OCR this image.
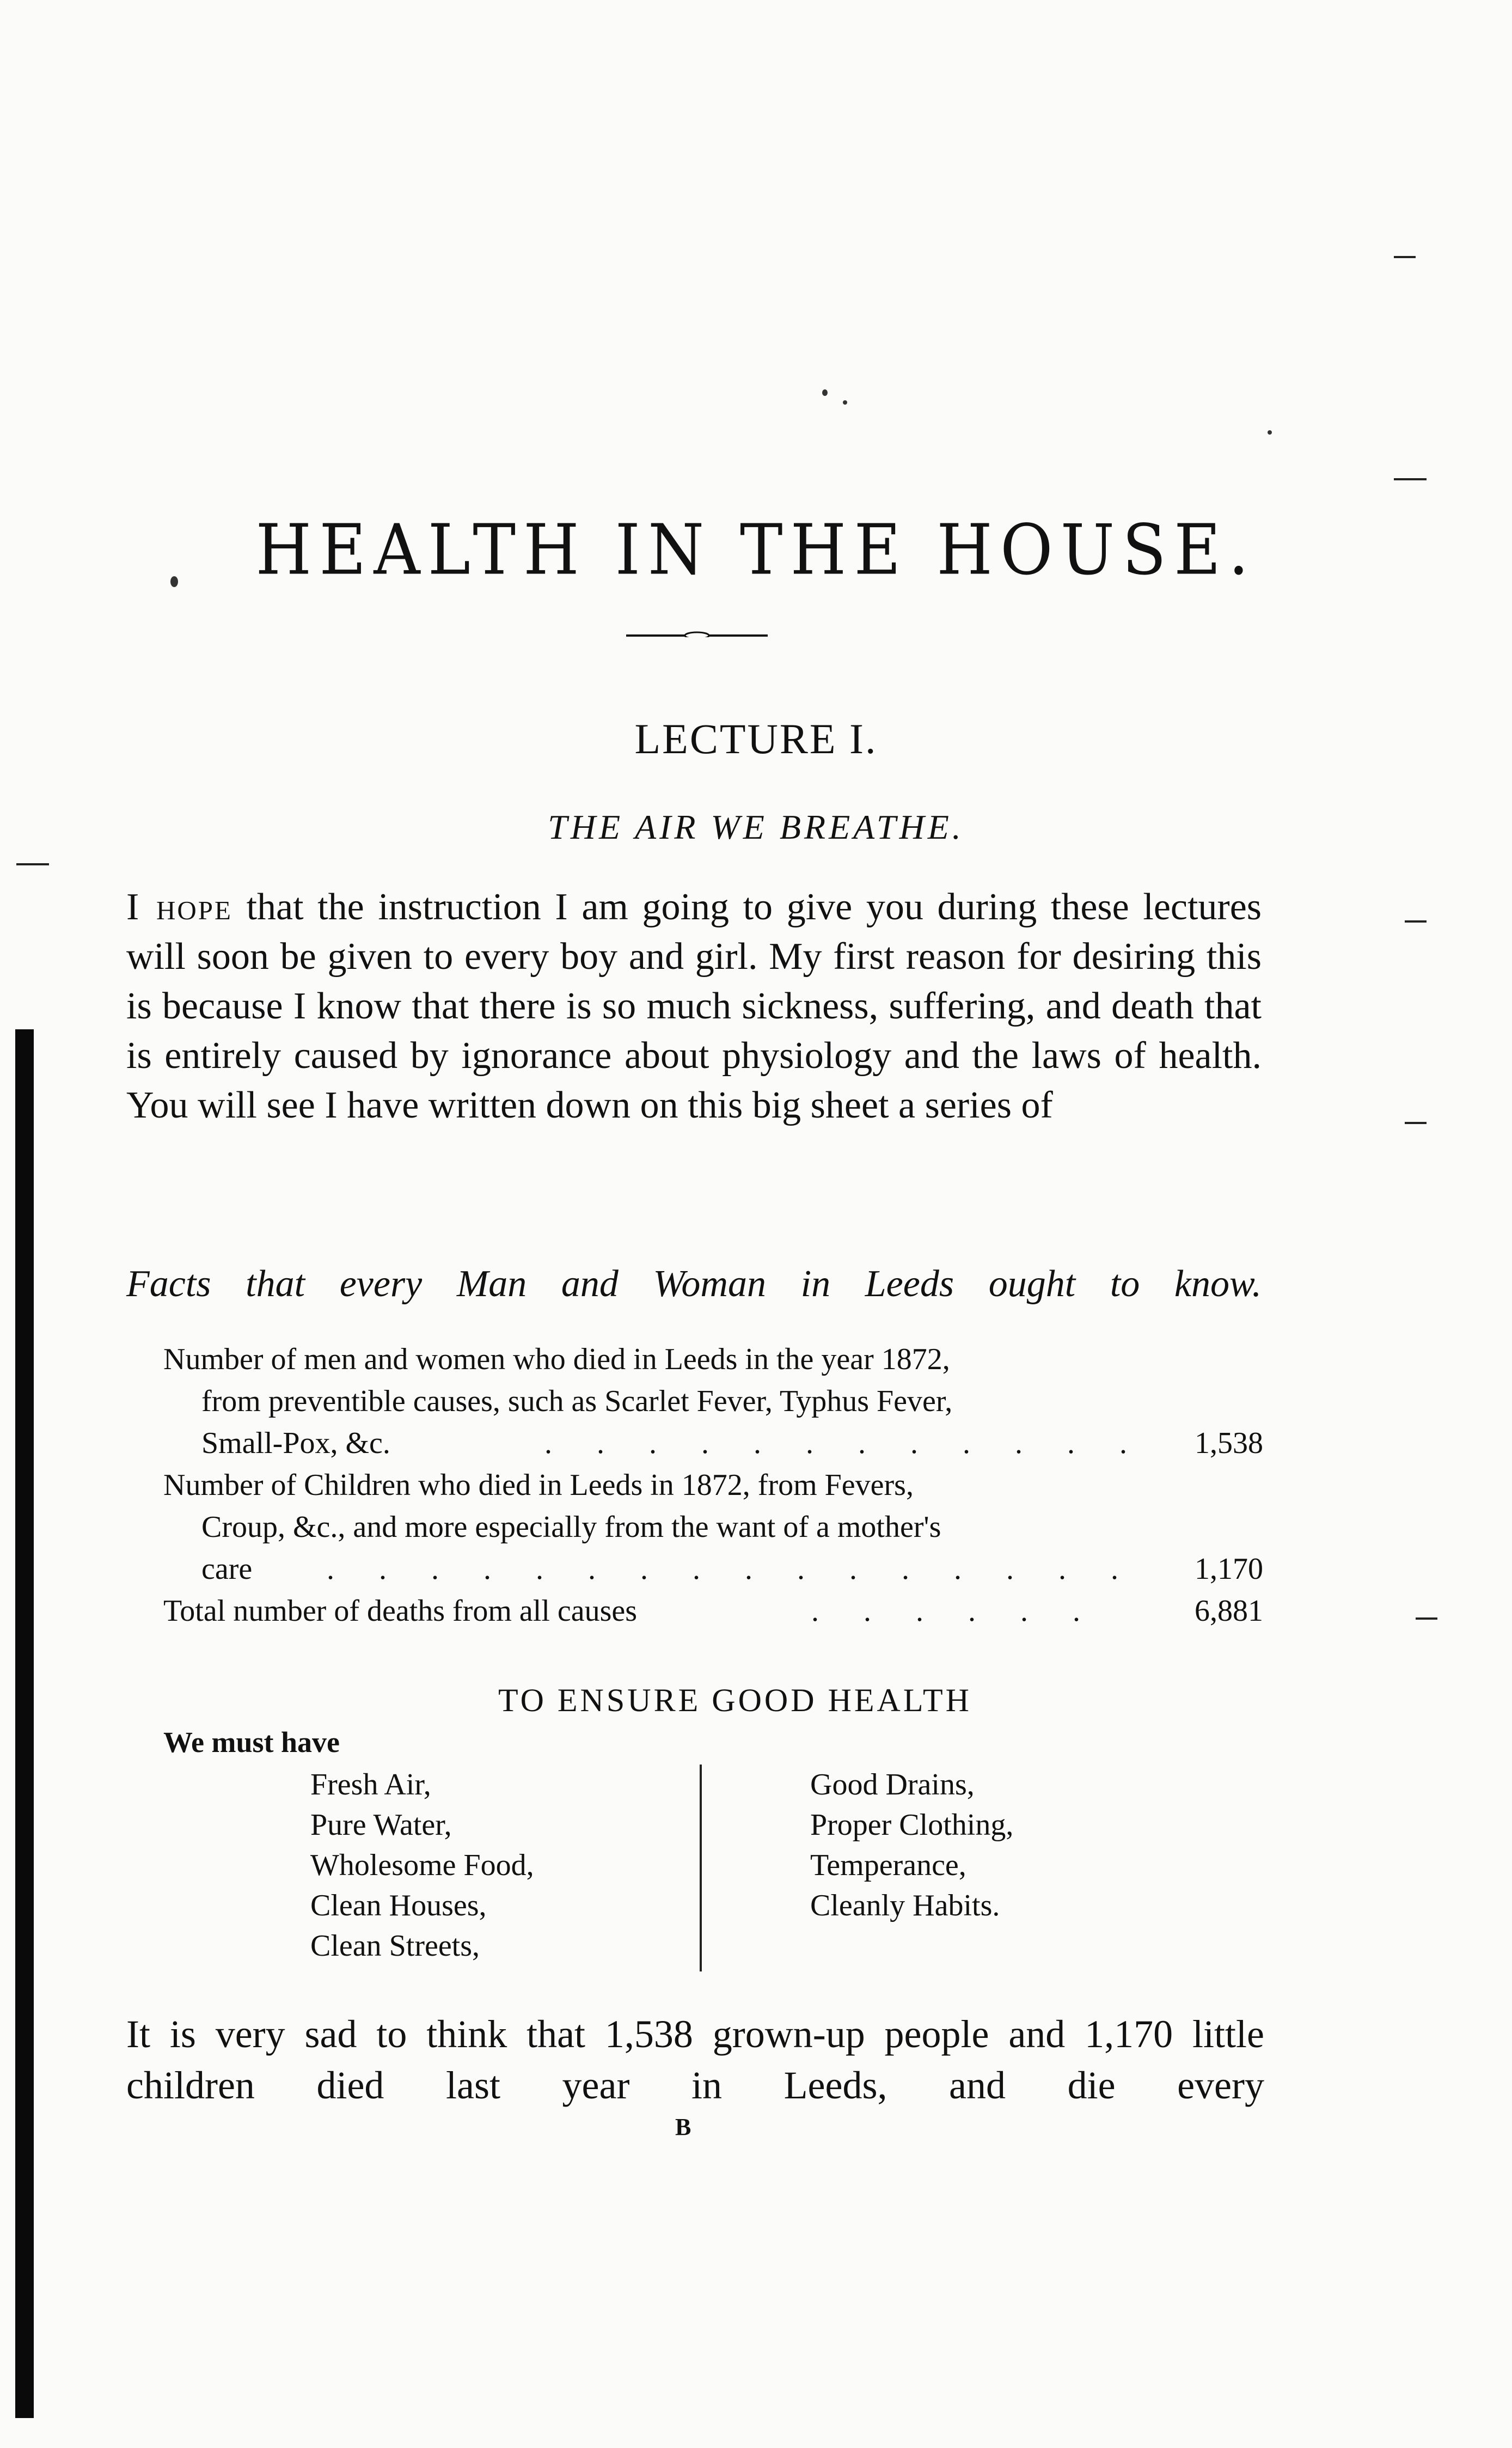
HEALTH IN THE HOUSE.
LECTURE I.
THE AIR WE BREATHE.
I hope that the instruction I am going to give you during these lectures will soon be given to every boy and girl. My first reason for desiring this is because I know that there is so much sickness, suffering, and death that is entirely caused by ignorance about physiology and the laws of health. You will see I have written down on this big sheet a series of
Facts that every Man and Woman in Leeds ought to know.
Number of men and women who died in Leeds in the year 1872,
from preventible causes, such as Scarlet Fever, Typhus Fever,
Small-Pox, &c.	. . . . . . . . . . . . 1,538
Number of Children who died in Leeds in 1872, from Fevers,
Croup, &c., and more especially from the want of a mother's
care . . . . . . . . . . . . . . . . 1,170
Total number of deaths from all causes	. . . . . .	6,881
TO ENSURE GOOD HEALTH
We must have
Fresh Air,
Pure Water,
Wholesome Food,
Clean Houses,
Clean Streets,
Good Drains,
Proper Clothing,
Temperance,
Cleanly Habits.
It is very sad to think that 1,538 grown-up people and 1,170 little children died last year in Leeds, and die every
B
